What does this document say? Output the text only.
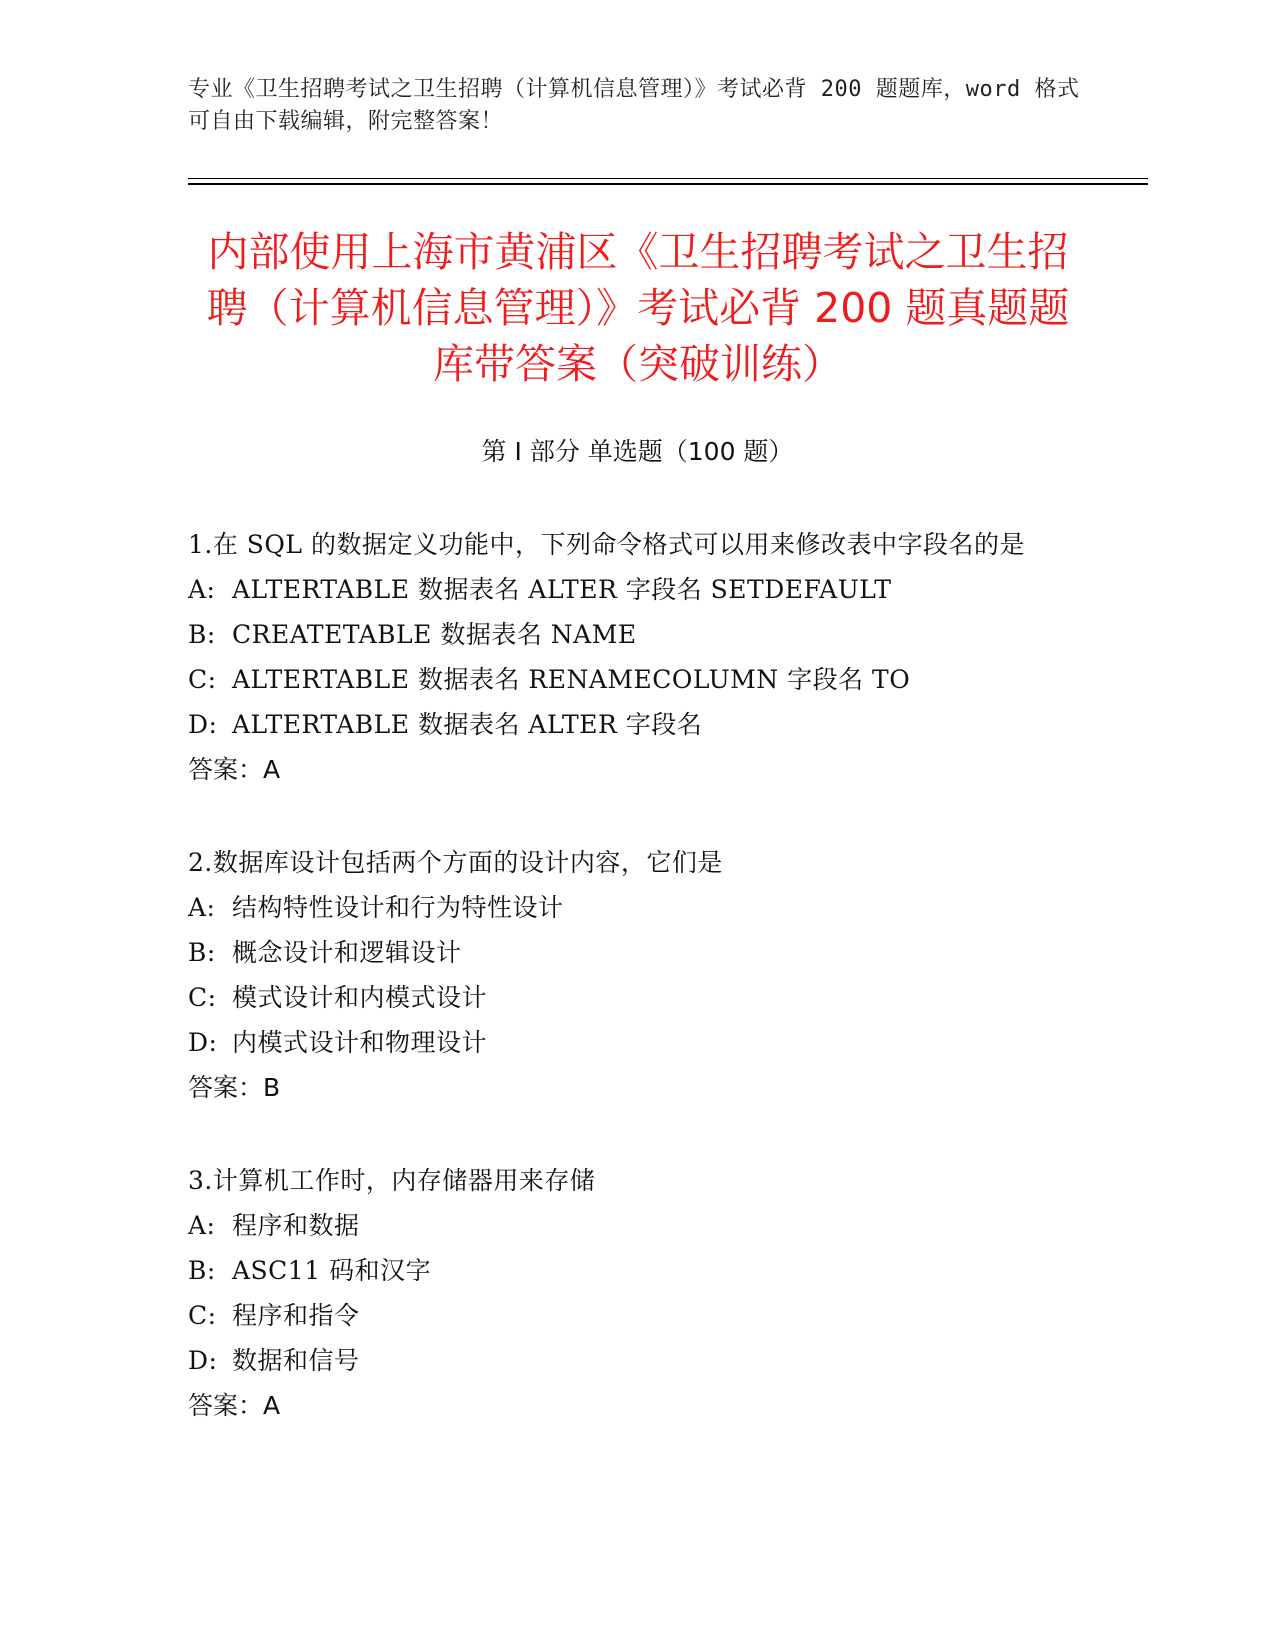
专业《卫生招聘考试之卫生招聘（计算机信息管理）》考试必背 200 题题库，word 格式可自由下载编辑，附完整答案！
内部使用上海市黄浦区《卫生招聘考试之卫生招聘（计算机信息管理）》考试必背 200 题真题题库带答案（突破训练）
第 I 部分 单选题（100 题）
1.在 SQL 的数据定义功能中，下列命令格式可以用来修改表中字段名的是
A: ALTERTABLE 数据表名 ALTER 字段名 SETDEFAULT
B: CREATETABLE 数据表名 NAME
C: ALTERTABLE 数据表名 RENAMECOLUMN 字段名 TO
D: ALTERTABLE 数据表名 ALTER 字段名
答案：A
2.数据库设计包括两个方面的设计内容，它们是
A: 结构特性设计和行为特性设计
B: 概念设计和逻辑设计
C: 模式设计和内模式设计
D: 内模式设计和物理设计
答案：B
3.计算机工作时，内存储器用来存储
A: 程序和数据
B: ASC11 码和汉字
C: 程序和指令
D: 数据和信号
答案：A
